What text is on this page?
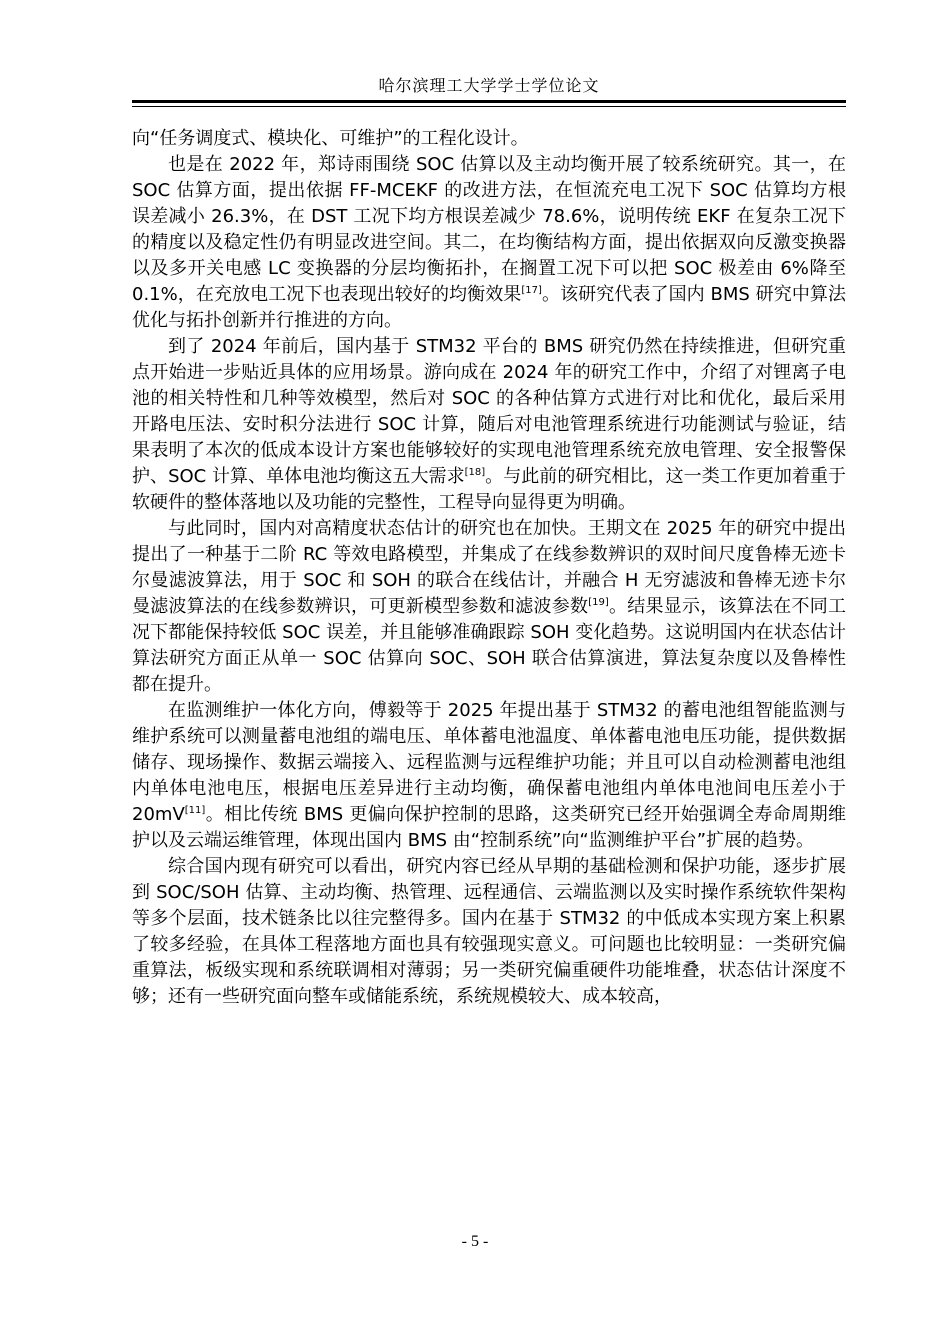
哈尔滨理工大学学士学位论文

向“任务调度式、模块化、可维护”的工程化设计。

也是在 2022 年，郑诗雨围绕 SOC 估算以及主动均衡开展了较系统研究。其一，在 SOC 估算方面，提出依据 FF-MCEKF 的改进方法，在恒流充电工况下 SOC 估算均方根误差减小 26.3%，在 DST 工况下均方根误差减少 78.6%，说明传统 EKF 在复杂工况下的精度以及稳定性仍有明显改进空间。其二，在均衡结构方面，提出依据双向反激变换器以及多开关电感 LC 变换器的分层均衡拓扑，在搁置工况下可以把 SOC 极差由 6%降至 0.1%，在充放电工况下也表现出较好的均衡效果[17]。该研究代表了国内 BMS 研究中算法优化与拓扑创新并行推进的方向。

到了 2024 年前后，国内基于 STM32 平台的 BMS 研究仍然在持续推进，但研究重点开始进一步贴近具体的应用场景。游向成在 2024 年的研究工作中，介绍了对锂离子电池的相关特性和几种等效模型，然后对 SOC 的各种估算方式进行对比和优化，最后采用开路电压法、安时积分法进行 SOC 计算，随后对电池管理系统进行功能测试与验证，结果表明了本次的低成本设计方案也能够较好的实现电池管理系统充放电管理、安全报警保护、SOC 计算、单体电池均衡这五大需求[18]。与此前的研究相比，这一类工作更加着重于软硬件的整体落地以及功能的完整性，工程导向显得更为明确。

与此同时，国内对高精度状态估计的研究也在加快。王期文在 2025 年的研究中提出提出了一种基于二阶 RC 等效电路模型，并集成了在线参数辨识的双时间尺度鲁棒无迹卡尔曼滤波算法，用于 SOC 和 SOH 的联合在线估计，并融合 H 无穷滤波和鲁棒无迹卡尔曼滤波算法的在线参数辨识，可更新模型参数和滤波参数[19]。结果显示，该算法在不同工况下都能保持较低 SOC 误差，并且能够准确跟踪 SOH 变化趋势。这说明国内在状态估计算法研究方面正从单一 SOC 估算向 SOC、SOH 联合估算演进，算法复杂度以及鲁棒性都在提升。

在监测维护一体化方向，傅毅等于 2025 年提出基于 STM32 的蓄电池组智能监测与维护系统可以测量蓄电池组的端电压、单体蓄电池温度、单体蓄电池电压功能，提供数据储存、现场操作、数据云端接入、远程监测与远程维护功能；并且可以自动检测蓄电池组内单体电池电压，根据电压差异进行主动均衡，确保蓄电池组内单体电池间电压差小于 20mV[11]。相比传统 BMS 更偏向保护控制的思路，这类研究已经开始强调全寿命周期维护以及云端运维管理，体现出国内 BMS 由“控制系统”向“监测维护平台”扩展的趋势。

综合国内现有研究可以看出，研究内容已经从早期的基础检测和保护功能，逐步扩展到 SOC/SOH 估算、主动均衡、热管理、远程通信、云端监测以及实时操作系统软件架构等多个层面，技术链条比以往完整得多。国内在基于 STM32 的中低成本实现方案上积累了较多经验，在具体工程落地方面也具有较强现实意义。可问题也比较明显：一类研究偏重算法，板级实现和系统联调相对薄弱；另一类研究偏重硬件功能堆叠，状态估计深度不够；还有一些研究面向整车或储能系统，系统规模较大、成本较高，

- 5 -
